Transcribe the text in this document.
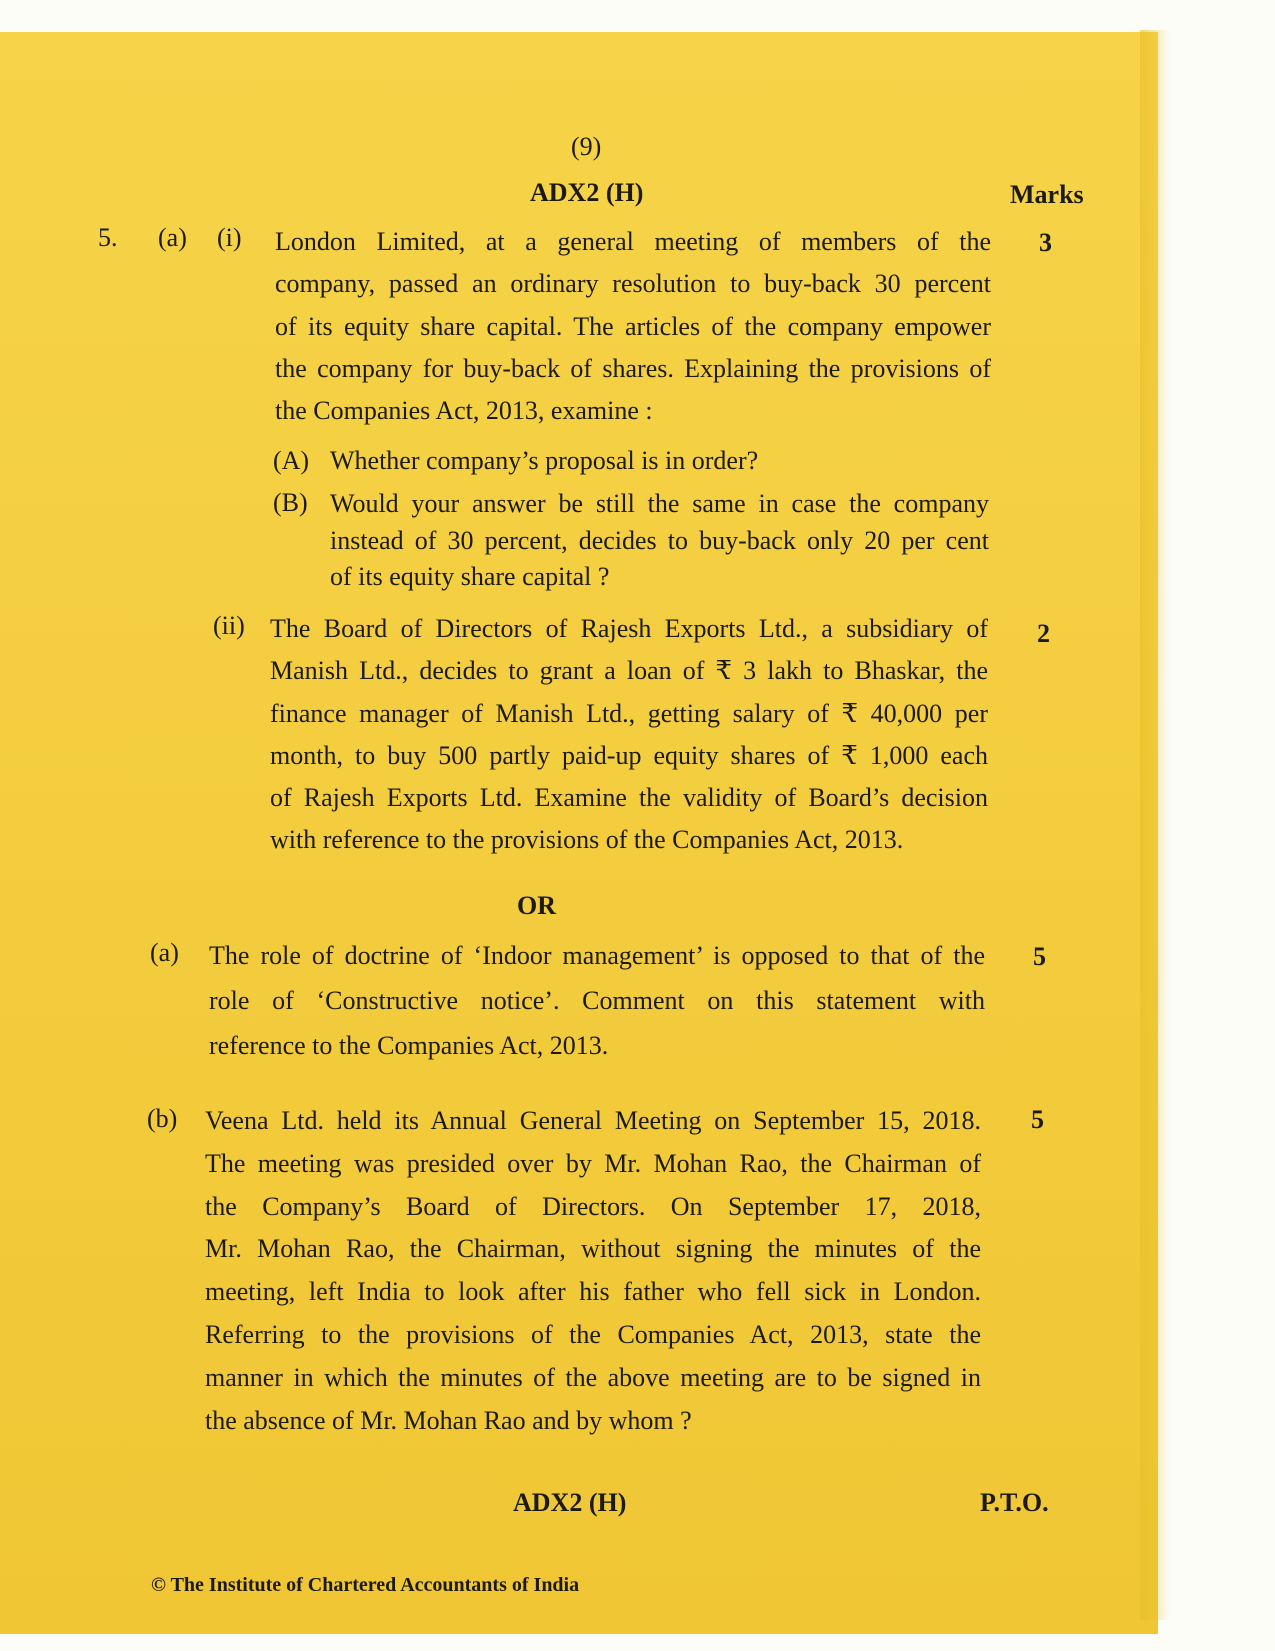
(9)
ADX2 (H)	Marks
5. (a) (i)	3
London Limited, at a general meeting of members of the
company, passed an ordinary resolution to buy-back 30 percent
of its equity share capital. The articles of the company empower
the company for buy-back of shares. Explaining the provisions of
the Companies Act, 2013, examine :
(A) Whether company’s proposal is in order?
(B) Would your answer be still the same in case the company
instead of 30 percent, decides to buy-back only 20 per cent
of its equity share capital ?
(ii)	2
The Board of Directors of Rajesh Exports Ltd., a subsidiary of
Manish Ltd., decides to grant a loan of ₹ 3 lakh to Bhaskar, the
finance manager of Manish Ltd., getting salary of ₹ 40,000 per
month, to buy 500 partly paid-up equity shares of ₹ 1,000 each
of Rajesh Exports Ltd. Examine the validity of Board’s decision
with reference to the provisions of the Companies Act, 2013.
OR
(a)	5
The role of doctrine of ‘Indoor management’ is opposed to that of the
role of ‘Constructive notice’. Comment on this statement with
reference to the Companies Act, 2013.
(b)	5
Veena Ltd. held its Annual General Meeting on September 15, 2018.
The meeting was presided over by Mr. Mohan Rao, the Chairman of
the Company’s Board of Directors. On September 17, 2018,
Mr. Mohan Rao, the Chairman, without signing the minutes of the
meeting, left India to look after his father who fell sick in London.
Referring to the provisions of the Companies Act, 2013, state the
manner in which the minutes of the above meeting are to be signed in
the absence of Mr. Mohan Rao and by whom ?
ADX2 (H)	P.T.O.
© The Institute of Chartered Accountants of India
